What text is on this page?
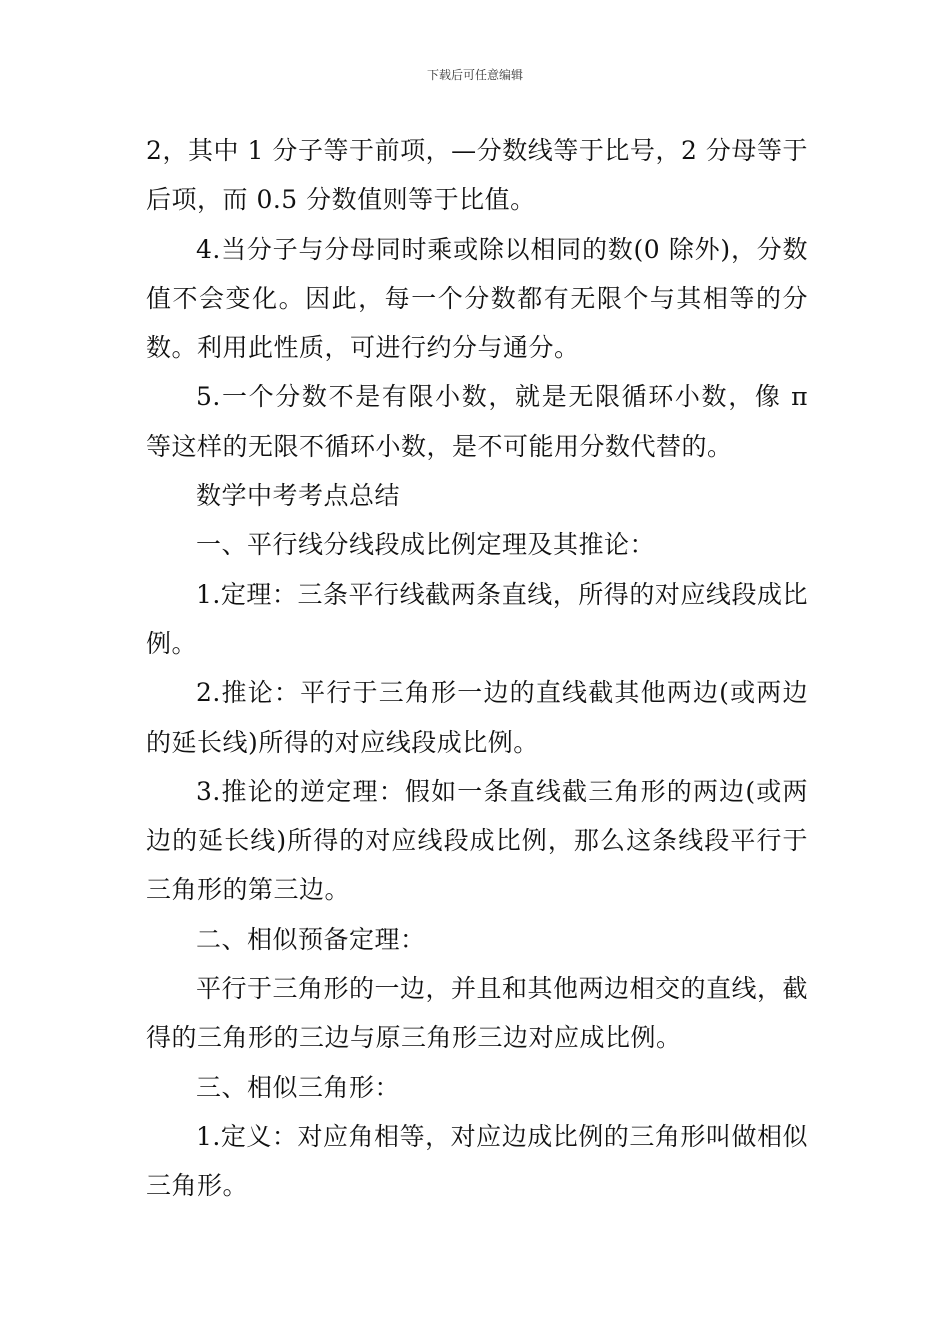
下载后可任意编辑

2，其中 1 分子等于前项，—分数线等于比号，2 分母等于后项，而 0.5 分数值则等于比值。

4.当分子与分母同时乘或除以相同的数(0 除外)，分数值不会变化。因此，每一个分数都有无限个与其相等的分数。利用此性质，可进行约分与通分。

5.一个分数不是有限小数，就是无限循环小数，像 π 等这样的无限不循环小数，是不可能用分数代替的。

数学中考考点总结

一、平行线分线段成比例定理及其推论：

1.定理：三条平行线截两条直线，所得的对应线段成比例。

2.推论：平行于三角形一边的直线截其他两边(或两边的延长线)所得的对应线段成比例。

3.推论的逆定理：假如一条直线截三角形的两边(或两边的延长线)所得的对应线段成比例，那么这条线段平行于三角形的第三边。

二、相似预备定理：

平行于三角形的一边，并且和其他两边相交的直线，截得的三角形的三边与原三角形三边对应成比例。

三、相似三角形：

1.定义：对应角相等，对应边成比例的三角形叫做相似三角形。
